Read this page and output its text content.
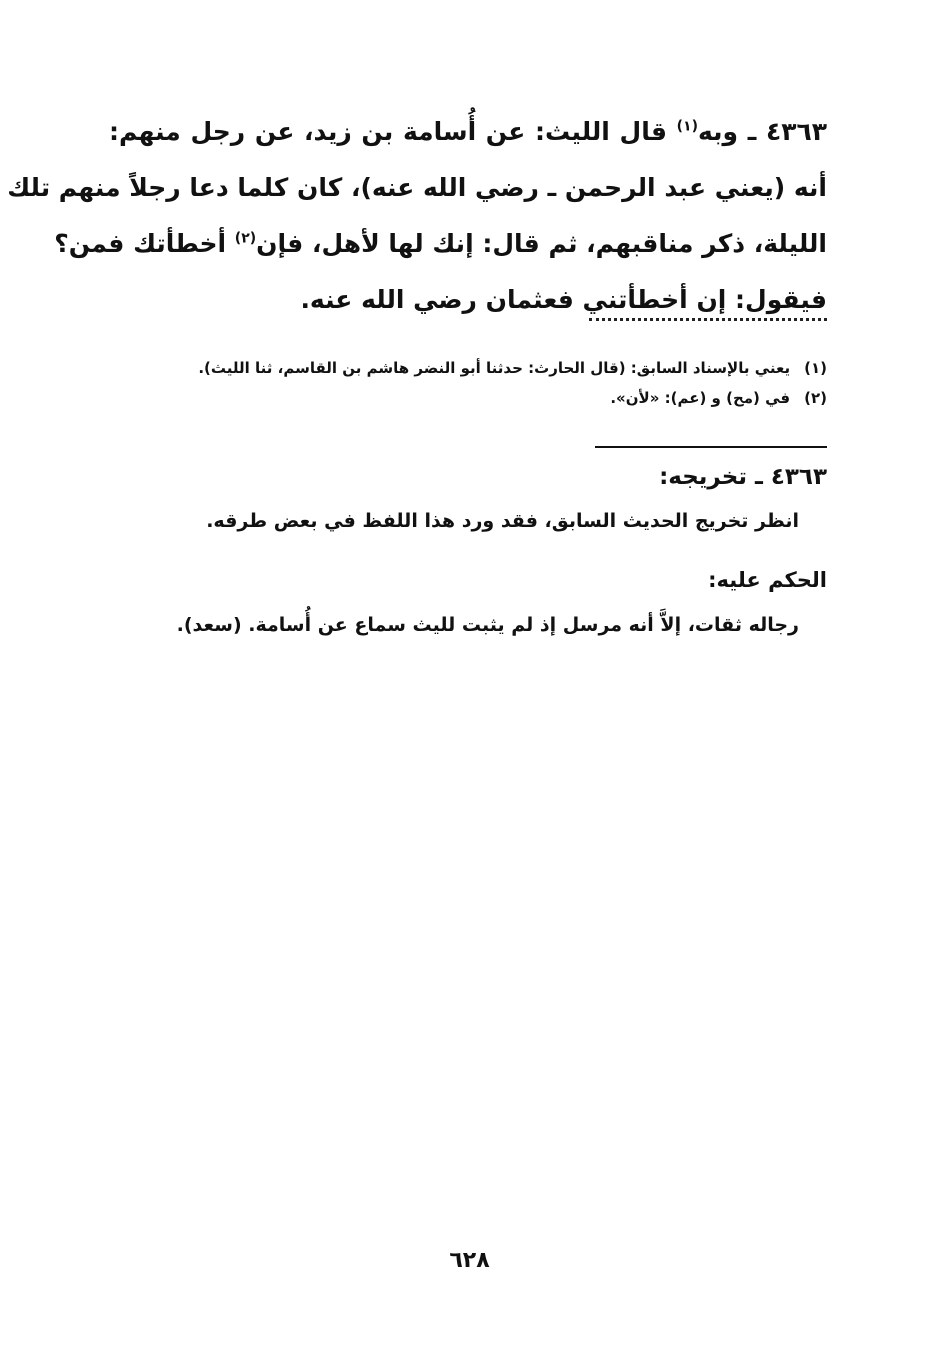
٤٣٦٣ ـ وبه$^{(١)}$ قال الليث: عن أُسامة بن زيد، عن رجل منهم:
أنه (يعني عبد الرحمن ـ رضي الله عنه)، كان كلما دعا رجلاً منهم تلك
الليلة، ذكر مناقبهم، ثم قال: إنك لها لأهل، فإن$^{(٢)}$ أخطأتك فمن؟
فيقول: إن أخطأتني فعثمان رضي الله عنه.
(١)يعني بالإسناد السابق: (قال الحارث: حدثنا أبو النضر هاشم بن القاسم، ثنا الليث).
(٢)في (مح) و (عم): «لأن».
٤٣٦٣ ـ تخريجه:
انظر تخريج الحديث السابق، فقد ورد هذا اللفظ في بعض طرقه.
الحكم عليه:
رجاله ثقات، إلاَّ أنه مرسل إذ لم يثبت لليث سماع عن أُسامة. (سعد).
٦٢٨
